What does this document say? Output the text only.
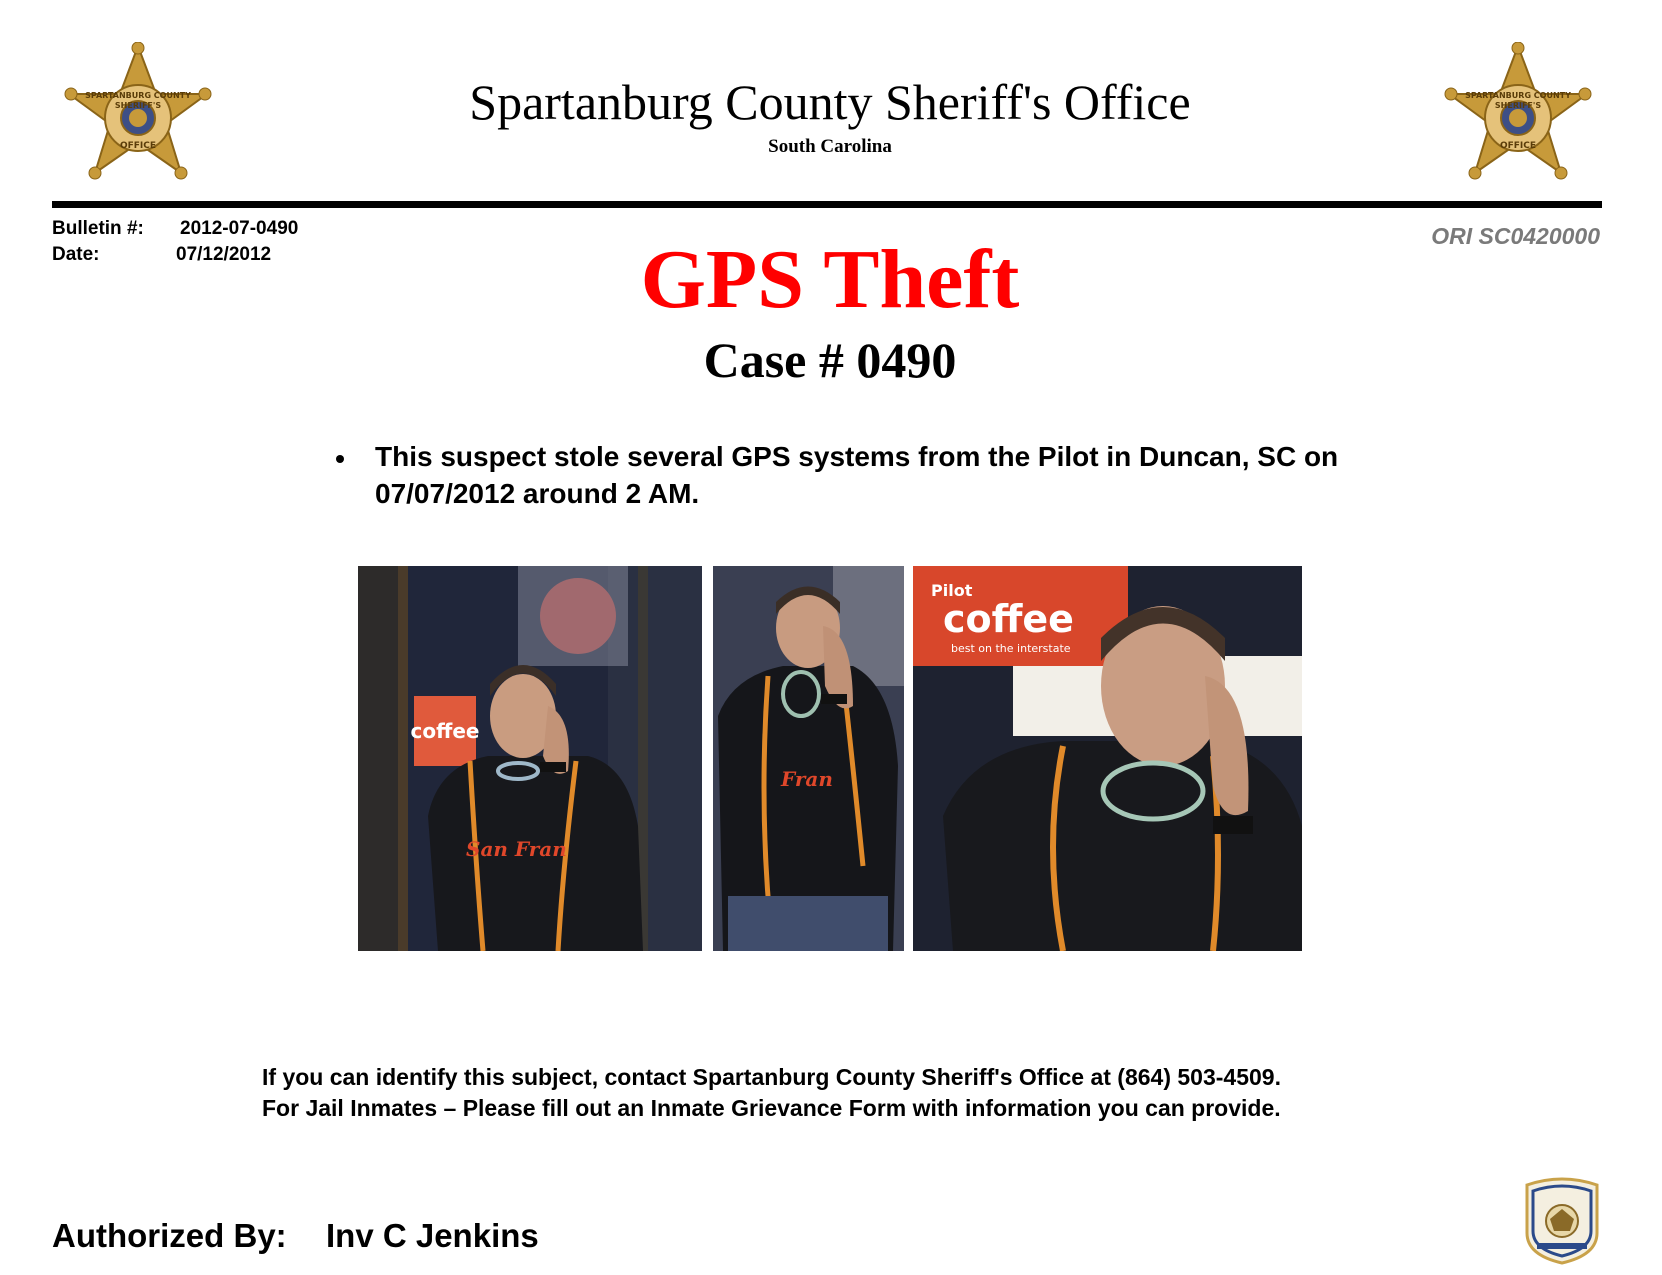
SPARTANBURG COUNTY
SHERIFF'S
OFFICE
Spartanburg County Sheriff's Office
South Carolina
SPARTANBURG COUNTY
SHERIFF'S
OFFICE
Bulletin #: 2012-07-0490
Date:	07/12/2012
ORI SC0420000
GPS Theft
Case # 0490
This suspect stole several GPS systems from the Pilot in Duncan, SC on 07/07/2012 around 2 AM.
coffee
San Fran
Fran
Pilot
coffee
best on the interstate
If you can identify this subject, contact Spartanburg County Sheriff's Office at (864) 503-4509.
For Jail Inmates – Please fill out an Inmate Grievance Form with information you can provide.
Authorized By: Inv C Jenkins
